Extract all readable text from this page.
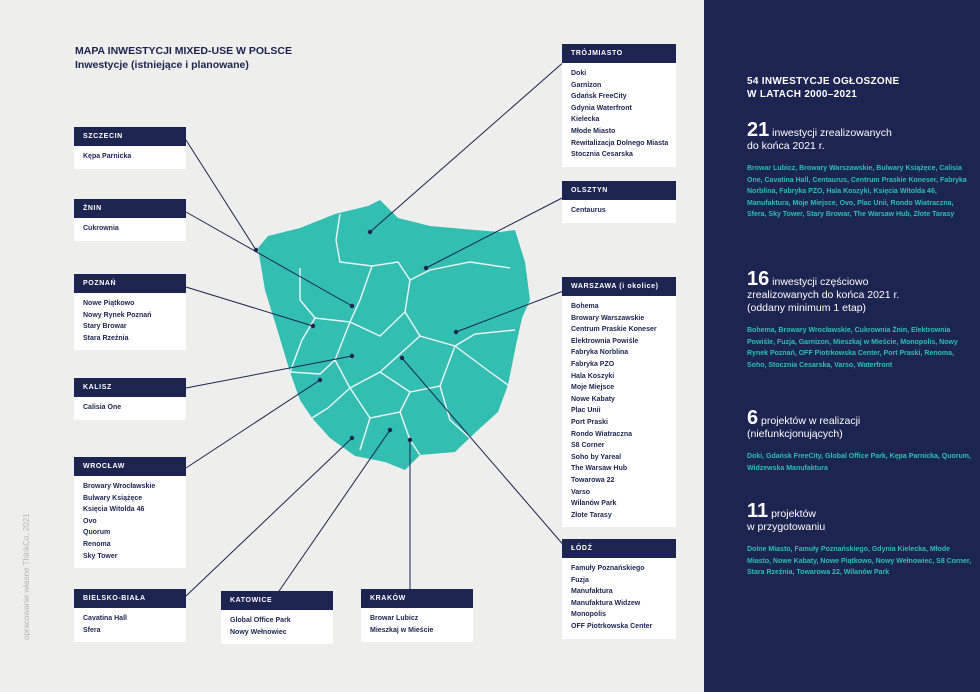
MAPA INWESTYCJI MIXED-USE W POLSCE
Inwestycje (istniejące i planowane)
opracowanie własne ThinkCo, 2021
TRÓJMIASTO
Doki
Garnizon
Gdańsk FreeCity
Gdynia Waterfront
Kielecka
Młode Miasto
Rewitalizacja Dolnego Miasta
Stocznia Cesarska
SZCZECIN
Kępa Parnicka
ŻNIN
Cukrownia
OLSZTYN
Centaurus
POZNAŃ
Nowe Piątkowo
Nowy Rynek Poznań
Stary Browar
Stara Rzeźnia
WARSZAWA (i okolice)
Bohema
Browary Warszawskie
Centrum Praskie Koneser
Elektrownia Powiśle
Fabryka Norblina
Fabryka PZO
Hala Koszyki
Moje Miejsce
Nowe Kabaty
Plac Unii
Port Praski
Rondo Wiatraczna
S8 Corner
Soho by Yareal
The Warsaw Hub
Towarowa 22
Varso
Wilanów Park
Złote Tarasy
KALISZ
Calisia One
WROCŁAW
Browary Wrocławskie
Bulwary Książęce
Księcia Witolda 46
Ovo
Quorum
Renoma
Sky Tower
ŁÓDŹ
Famuły Poznańskiego
Fuzja
Manufaktura
Manufaktura Widzew
Monopolis
OFF Piotrkowska Center
BIELSKO-BIAŁA
Cavatina Hall
Sfera
KATOWICE
Global Office Park
Nowy Wełnowiec
KRAKÓW
Browar Lubicz
Mieszkaj w Mieście
54 INWESTYCJE OGŁOSZONE
W LATACH 2000–2021
21 inwestycji zrealizowanych
do końca 2021 r.
Browar Lubicz, Browary Warszawskie, Bulwary Książęce, Calisia One, Cavatina Hall, Centaurus, Centrum Praskie Koneser, Fabryka Norblina, Fabryka PZO, Hala Koszyki, Księcia Witolda 46, Manufaktura, Moje Miejsce, Ovo, Plac Unii, Rondo Wiatraczna, Sfera, Sky Tower, Stary Browar, The Warsaw Hub, Złote Tarasy
16 inwestycji częściowo
zrealizowanych do końca 2021 r.
(oddany minimum 1 etap)
Bohema, Browary Wrocławskie, Cukrownia Żnin, Elektrownia Powiśle, Fuzja, Garnizon, Mieszkaj w Mieście, Monopolis, Nowy Rynek Poznań, OFF Piotrkowska Center, Port Praski, Renoma, Soho, Stocznia Cesarska, Varso, Waterfront
6 projektów w realizacji
(niefunkcjonujących)
Doki, Gdańsk FreeCity, Global Office Park, Kępa Parnicka, Quorum, Widzewska Manufaktura
11 projektów
w przygotowaniu
Dolne Miasto, Famuły Poznańskiego, Gdynia Kielecka, Młode Miasto, Nowe Kabaty, Nowe Piątkowo, Nowy Wełnowiec, S8 Corner, Stara Rzeźnia, Towarowa 22, Wilanów Park
